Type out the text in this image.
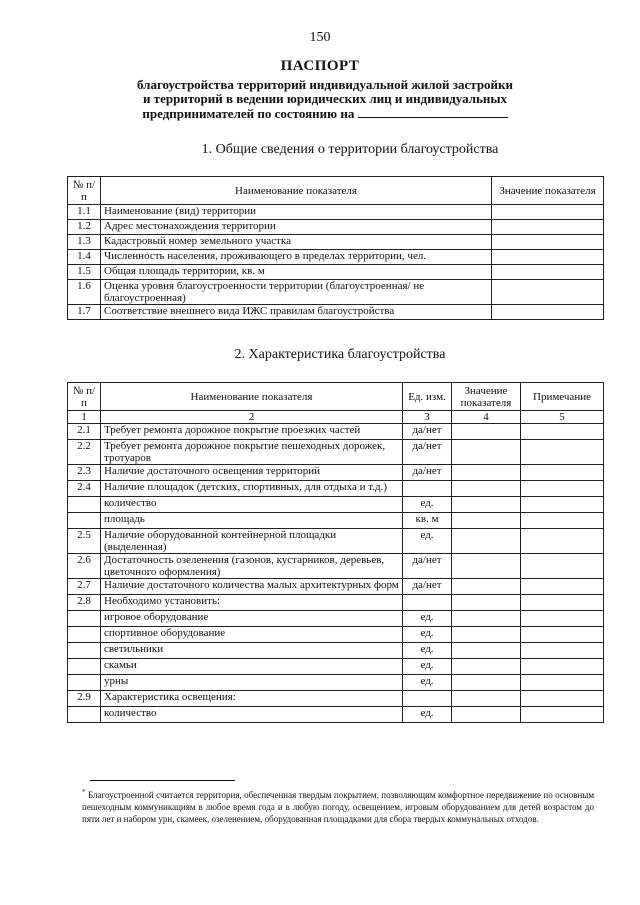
150
ПАСПОРТ
благоустройства территорий индивидуальной жилой застройки
и территорий в ведении юридических лиц и индивидуальных
предпринимателей по состоянию на
1. Общие сведения о территории благоустройства
№ п/п	Наименование показателя	Значение показателя
1.1	Наименование (вид) территории	
1.2	Адрес местонахождения территории	
1.3	Кадастровый номер земельного участка	
1.4	Численность населения, проживающего в пределах территории, чел.	
1.5	Общая площадь территории, кв. м	
1.6	Оценка уровня благоустроенности территории (благоустроенная/ не благоустроенная)	
1.7	Соответствие внешнего вида ИЖС правилам благоустройства	
2. Характеристика благоустройства
№ п/п	Наименование показателя	Ед. изм.	Значение показателя	Примечание
1	2	3	4	5
2.1	Требует ремонта дорожное покрытие проезжих частей	да/нет		
2.2	Требует ремонта дорожное покрытие пешеходных дорожек, тротуаров	да/нет		
2.3	Наличие достаточного освещения территорий	да/нет		
2.4	Наличие площадок (детских, спортивных, для отдыха и т.д.)			
	количество	ед.		
	площадь	кв. м		
2.5	Наличие оборудованной контейнерной площадки (выделенная)	ед.		
2.6	Достаточность озеленения (газонов, кустарников, деревьев, цветочного оформления)	да/нет		
2.7	Наличие достаточного количества малых архитектурных форм	да/нет		
2.8	Необходимо установить:			
	игровое оборудование	ед.		
	спортивное оборудование	ед.		
	светильники	ед.		
	скамьи	ед.		
	урны	ед.		
2.9	Характеристика освещения:			
	количество	ед.		
* Благоустроенной считается территория, обеспеченная твердым покрытием, позволяющим комфортное передвижение по основным пешеходным коммуникациям в любое время года и в любую погоду, освещением, игровым оборудованием для детей возрастом до пяти лет и набором урн, скамеек, озеленением, оборудованная площадками для сбора твердых коммунальных отходов.
